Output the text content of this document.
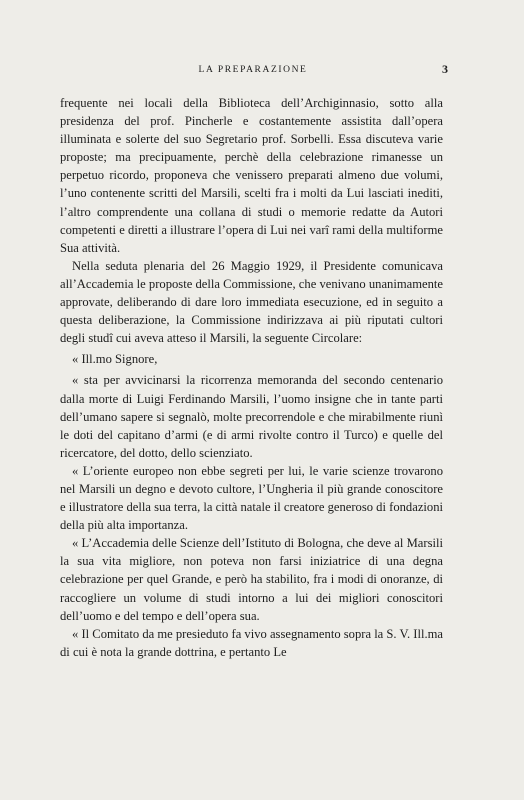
LA PREPARAZIONE	3

frequente nei locali della Biblioteca dell’Archiginnasio, sotto alla presidenza del prof. Pincherle e costantemente assistita dall’opera illuminata e solerte del suo Segretario prof. Sorbelli. Essa discuteva varie proposte; ma precipuamente, perchè della celebrazione rimanesse un perpetuo ricordo, proponeva che venissero preparati almeno due volumi, l’uno contenente scritti del Marsili, scelti fra i molti da Lui lasciati inediti, l’altro comprendente una collana di studi o memorie redatte da Autori competenti e diretti a illustrare l’opera di Lui nei varî rami della multiforme Sua attività.

Nella seduta plenaria del 26 Maggio 1929, il Presidente comunicava all’Accademia le proposte della Commissione, che venivano unanimamente approvate, deliberando di dare loro immediata esecuzione, ed in seguito a questa deliberazione, la Commissione indirizzava ai più riputati cultori degli studî cui aveva atteso il Marsili, la seguente Circolare:

« Ill.mo Signore,

« sta per avvicinarsi la ricorrenza memoranda del secondo centenario dalla morte di Luigi Ferdinando Marsili, l’uomo insigne che in tante parti dell’umano sapere si segnalò, molte precorrendole e che mirabilmente riunì le doti del capitano d’armi (e di armi rivolte contro il Turco) e quelle del ricercatore, del dotto, dello scienziato.

« L’oriente europeo non ebbe segreti per lui, le varie scienze trovarono nel Marsili un degno e devoto cultore, l’Ungheria il più grande conoscitore e illustratore della sua terra, la città natale il creatore generoso di fondazioni della più alta importanza.

« L’Accademia delle Scienze dell’Istituto di Bologna, che deve al Marsili la sua vita migliore, non poteva non farsi iniziatrice di una degna celebrazione per quel Grande, e però ha stabilito, fra i modi di onoranze, di raccogliere un volume di studi intorno a lui dei migliori conoscitori dell’uomo e del tempo e dell’opera sua.

« Il Comitato da me presieduto fa vivo assegnamento sopra la S. V. Ill.ma di cui è nota la grande dottrina, e pertanto Le
